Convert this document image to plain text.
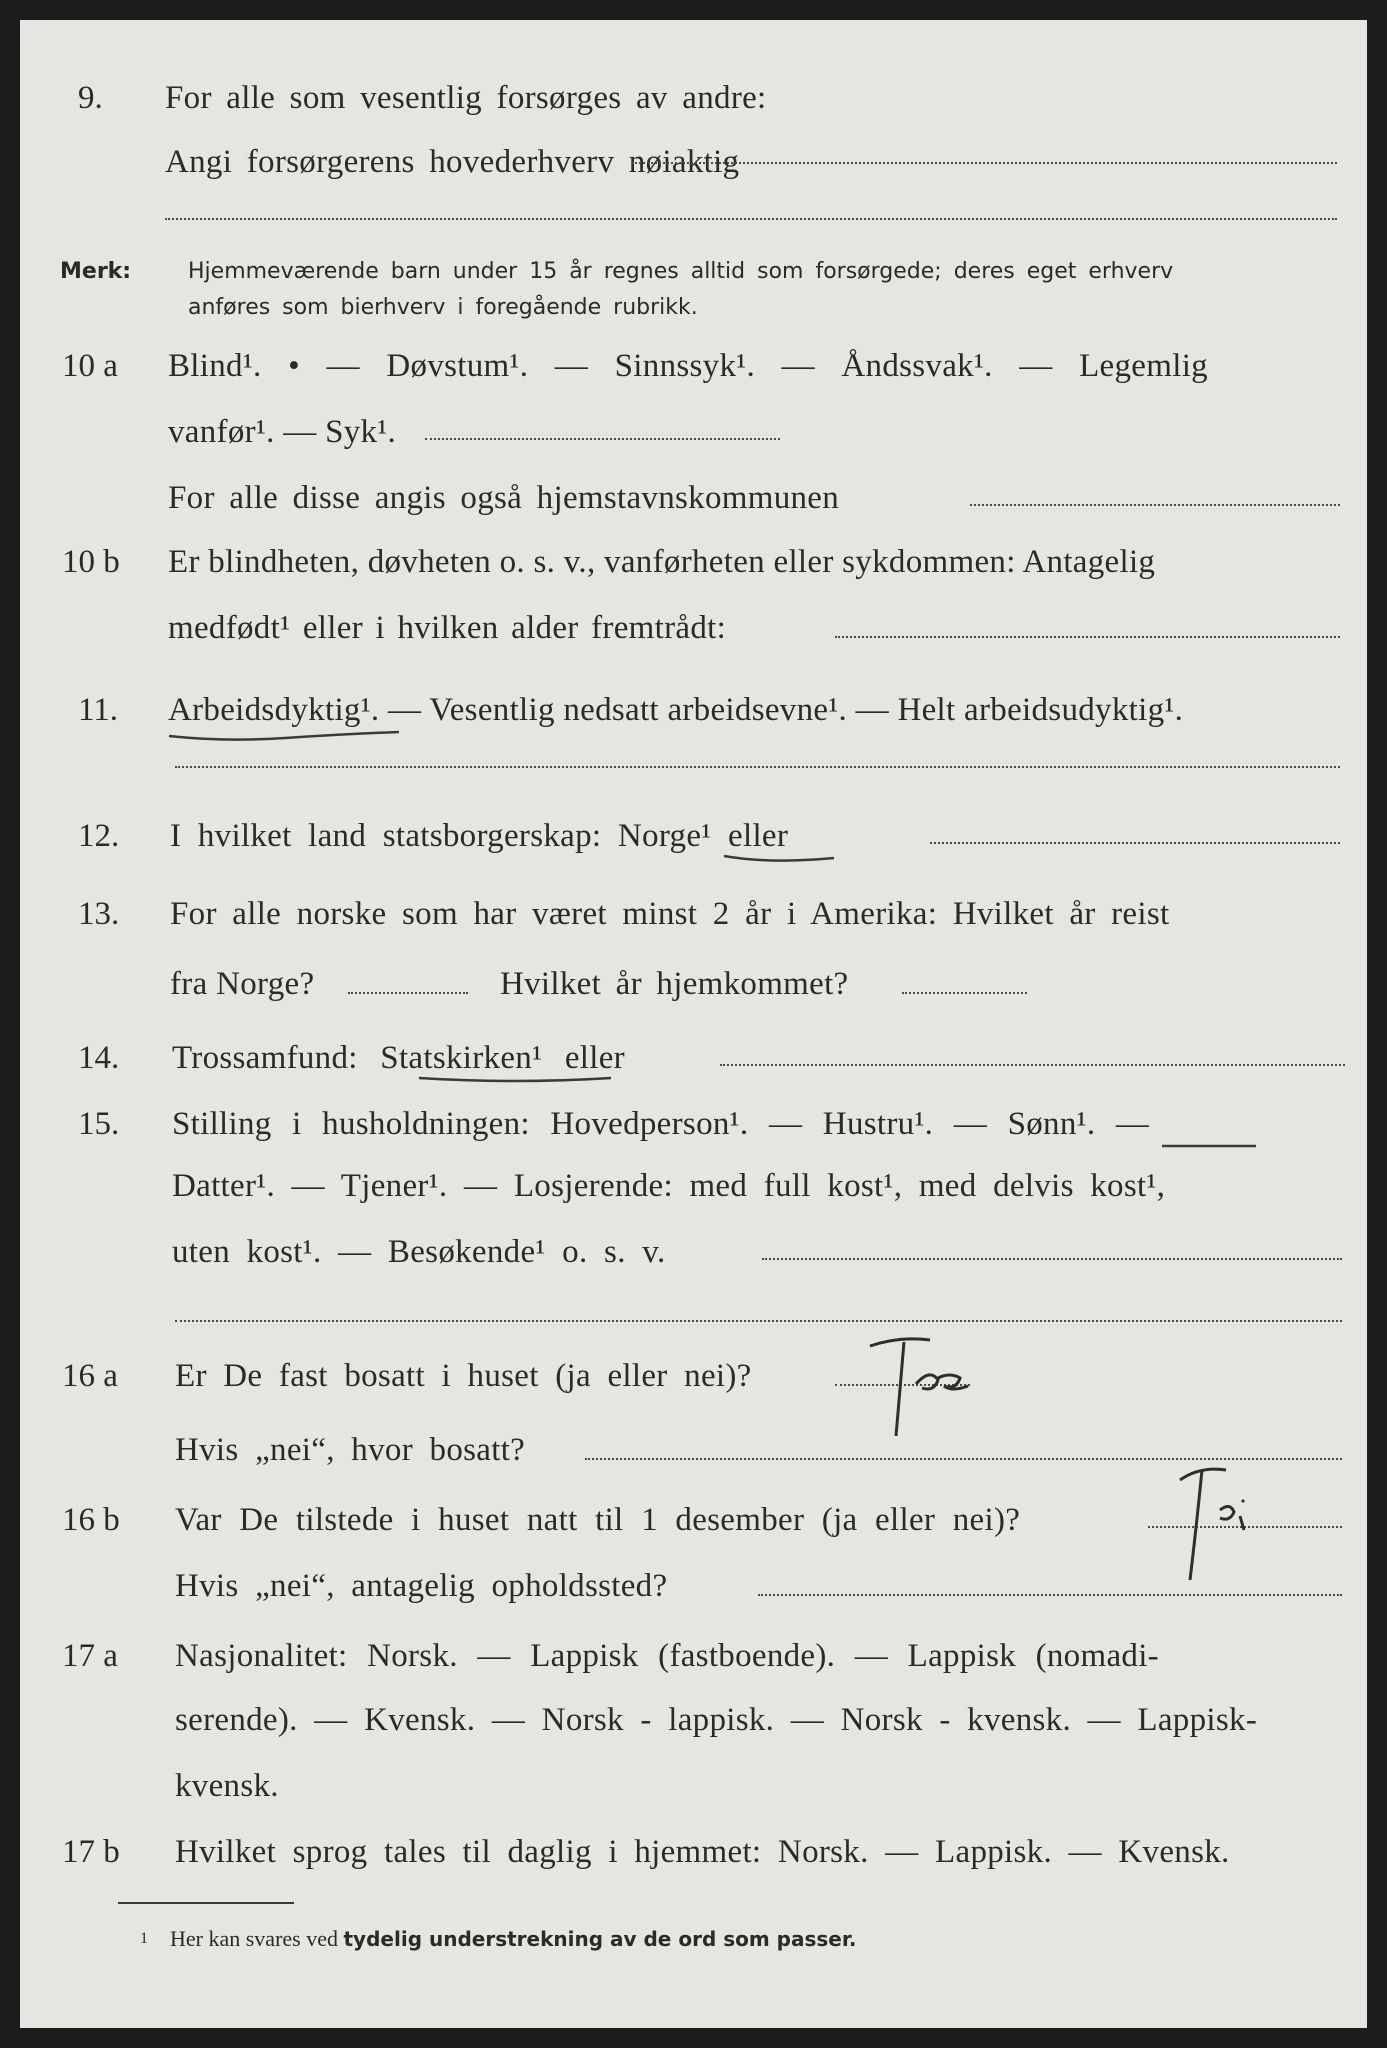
9. For alle som vesentlig forsørges av andre:
Angi forsørgerens hovederhverv nøiaktig
Merk:	Hjemmeværende barn under 15 år regnes alltid som forsørgede; deres eget erhverv
anføres som bierhverv i foregående rubrikk.
10 a Blind¹. • — Døvstum¹. — Sinnssyk¹. — Åndssvak¹. — Legemlig
vanfør¹. — Syk¹.
For alle disse angis også hjemstavnskommunen
10 b Er blindheten, døvheten o. s. v., vanførheten eller sykdommen: Antagelig
medfødt¹ eller i hvilken alder fremtrådt:
11. Arbeidsdyktig¹. — Vesentlig nedsatt arbeidsevne¹. — Helt arbeidsudyktig¹.
12. I hvilket land statsborgerskap: Norge¹ eller
13. For alle norske som har været minst 2 år i Amerika: Hvilket år reist
fra Norge?	Hvilket år hjemkommet?
14. Trossamfund: Statskirken¹ eller
15. Stilling i husholdningen: Hovedperson¹. — Hustru¹. — Sønn¹. —
Datter¹. — Tjener¹. — Losjerende: med full kost¹, med delvis kost¹,
uten kost¹. — Besøkende¹ o. s. v.
16 a Er De fast bosatt i huset (ja eller nei)?
Hvis „nei“, hvor bosatt?
16 b Var De tilstede i huset natt til 1 desember (ja eller nei)?
Hvis „nei“, antagelig opholdssted?
17 a Nasjonalitet: Norsk. — Lappisk (fastboende). — Lappisk (nomadi-
serende). — Kvensk. — Norsk - lappisk. — Norsk - kvensk. — Lappisk-
kvensk.
17 b Hvilket sprog tales til daglig i hjemmet: Norsk. — Lappisk. — Kvensk.
1 Her kan svares ved tydelig understrekning av de ord som passer.
